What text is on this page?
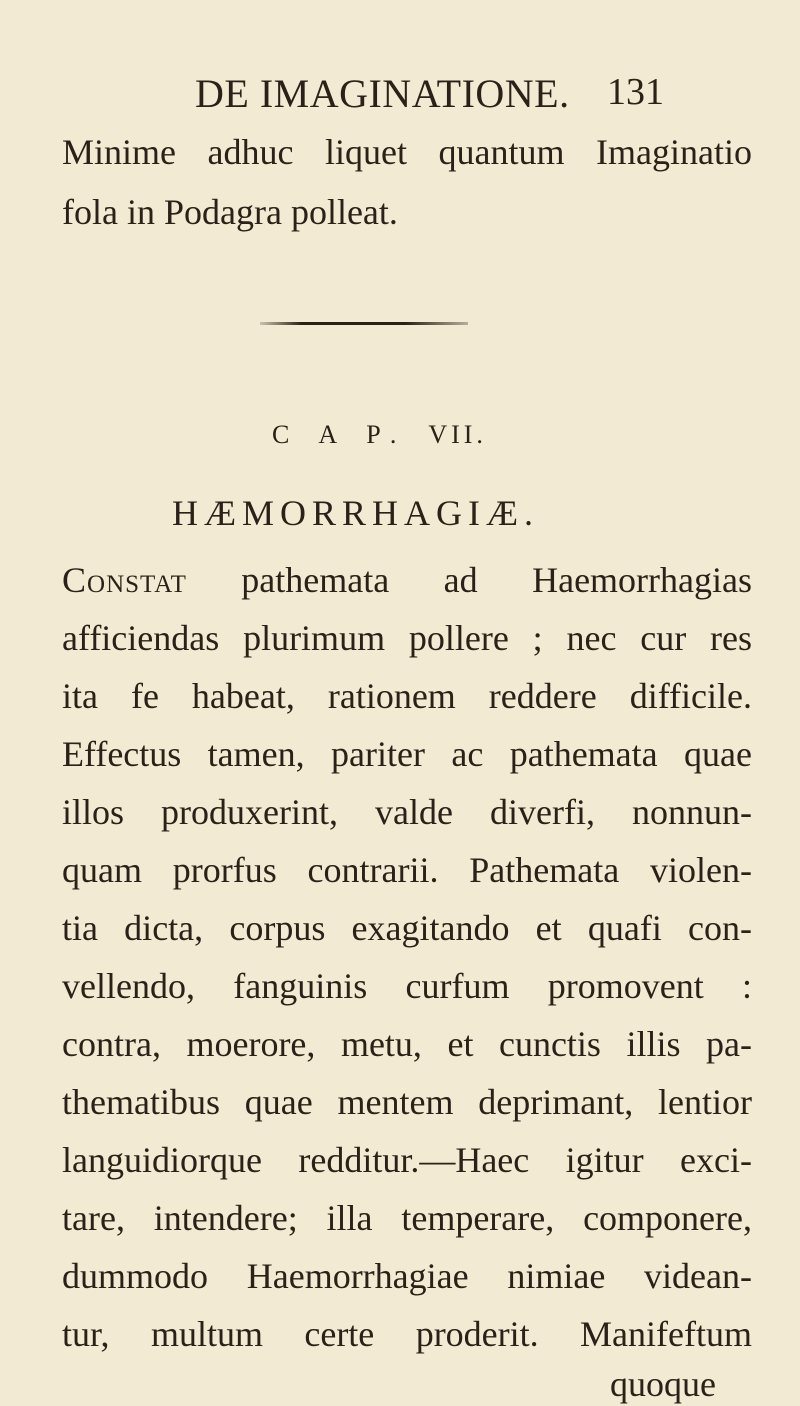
DE IMAGINATIONE. 131
Minime adhuc liquet quantum Imaginatio
fola in Podagra polleat.
C A P. VII.
HÆMORRHAGIÆ.
Constat pathemata ad Haemorrhagias
afficiendas plurimum pollere ; nec cur res
ita fe habeat, rationem reddere difficile.
Effectus tamen, pariter ac pathemata quae
illos produxerint, valde diverfi, nonnun-
quam prorfus contrarii. Pathemata violen-
tia dicta, corpus exagitando et quafi con-
vellendo, fanguinis curfum promovent :
contra, moerore, metu, et cunctis illis pa-
thematibus quae mentem deprimant, lentior
languidiorque redditur.—Haec igitur exci-
tare, intendere; illa temperare, componere,
dummodo Haemorrhagiae nimiae videan-
tur, multum certe proderit. Manifeftum
quoque
